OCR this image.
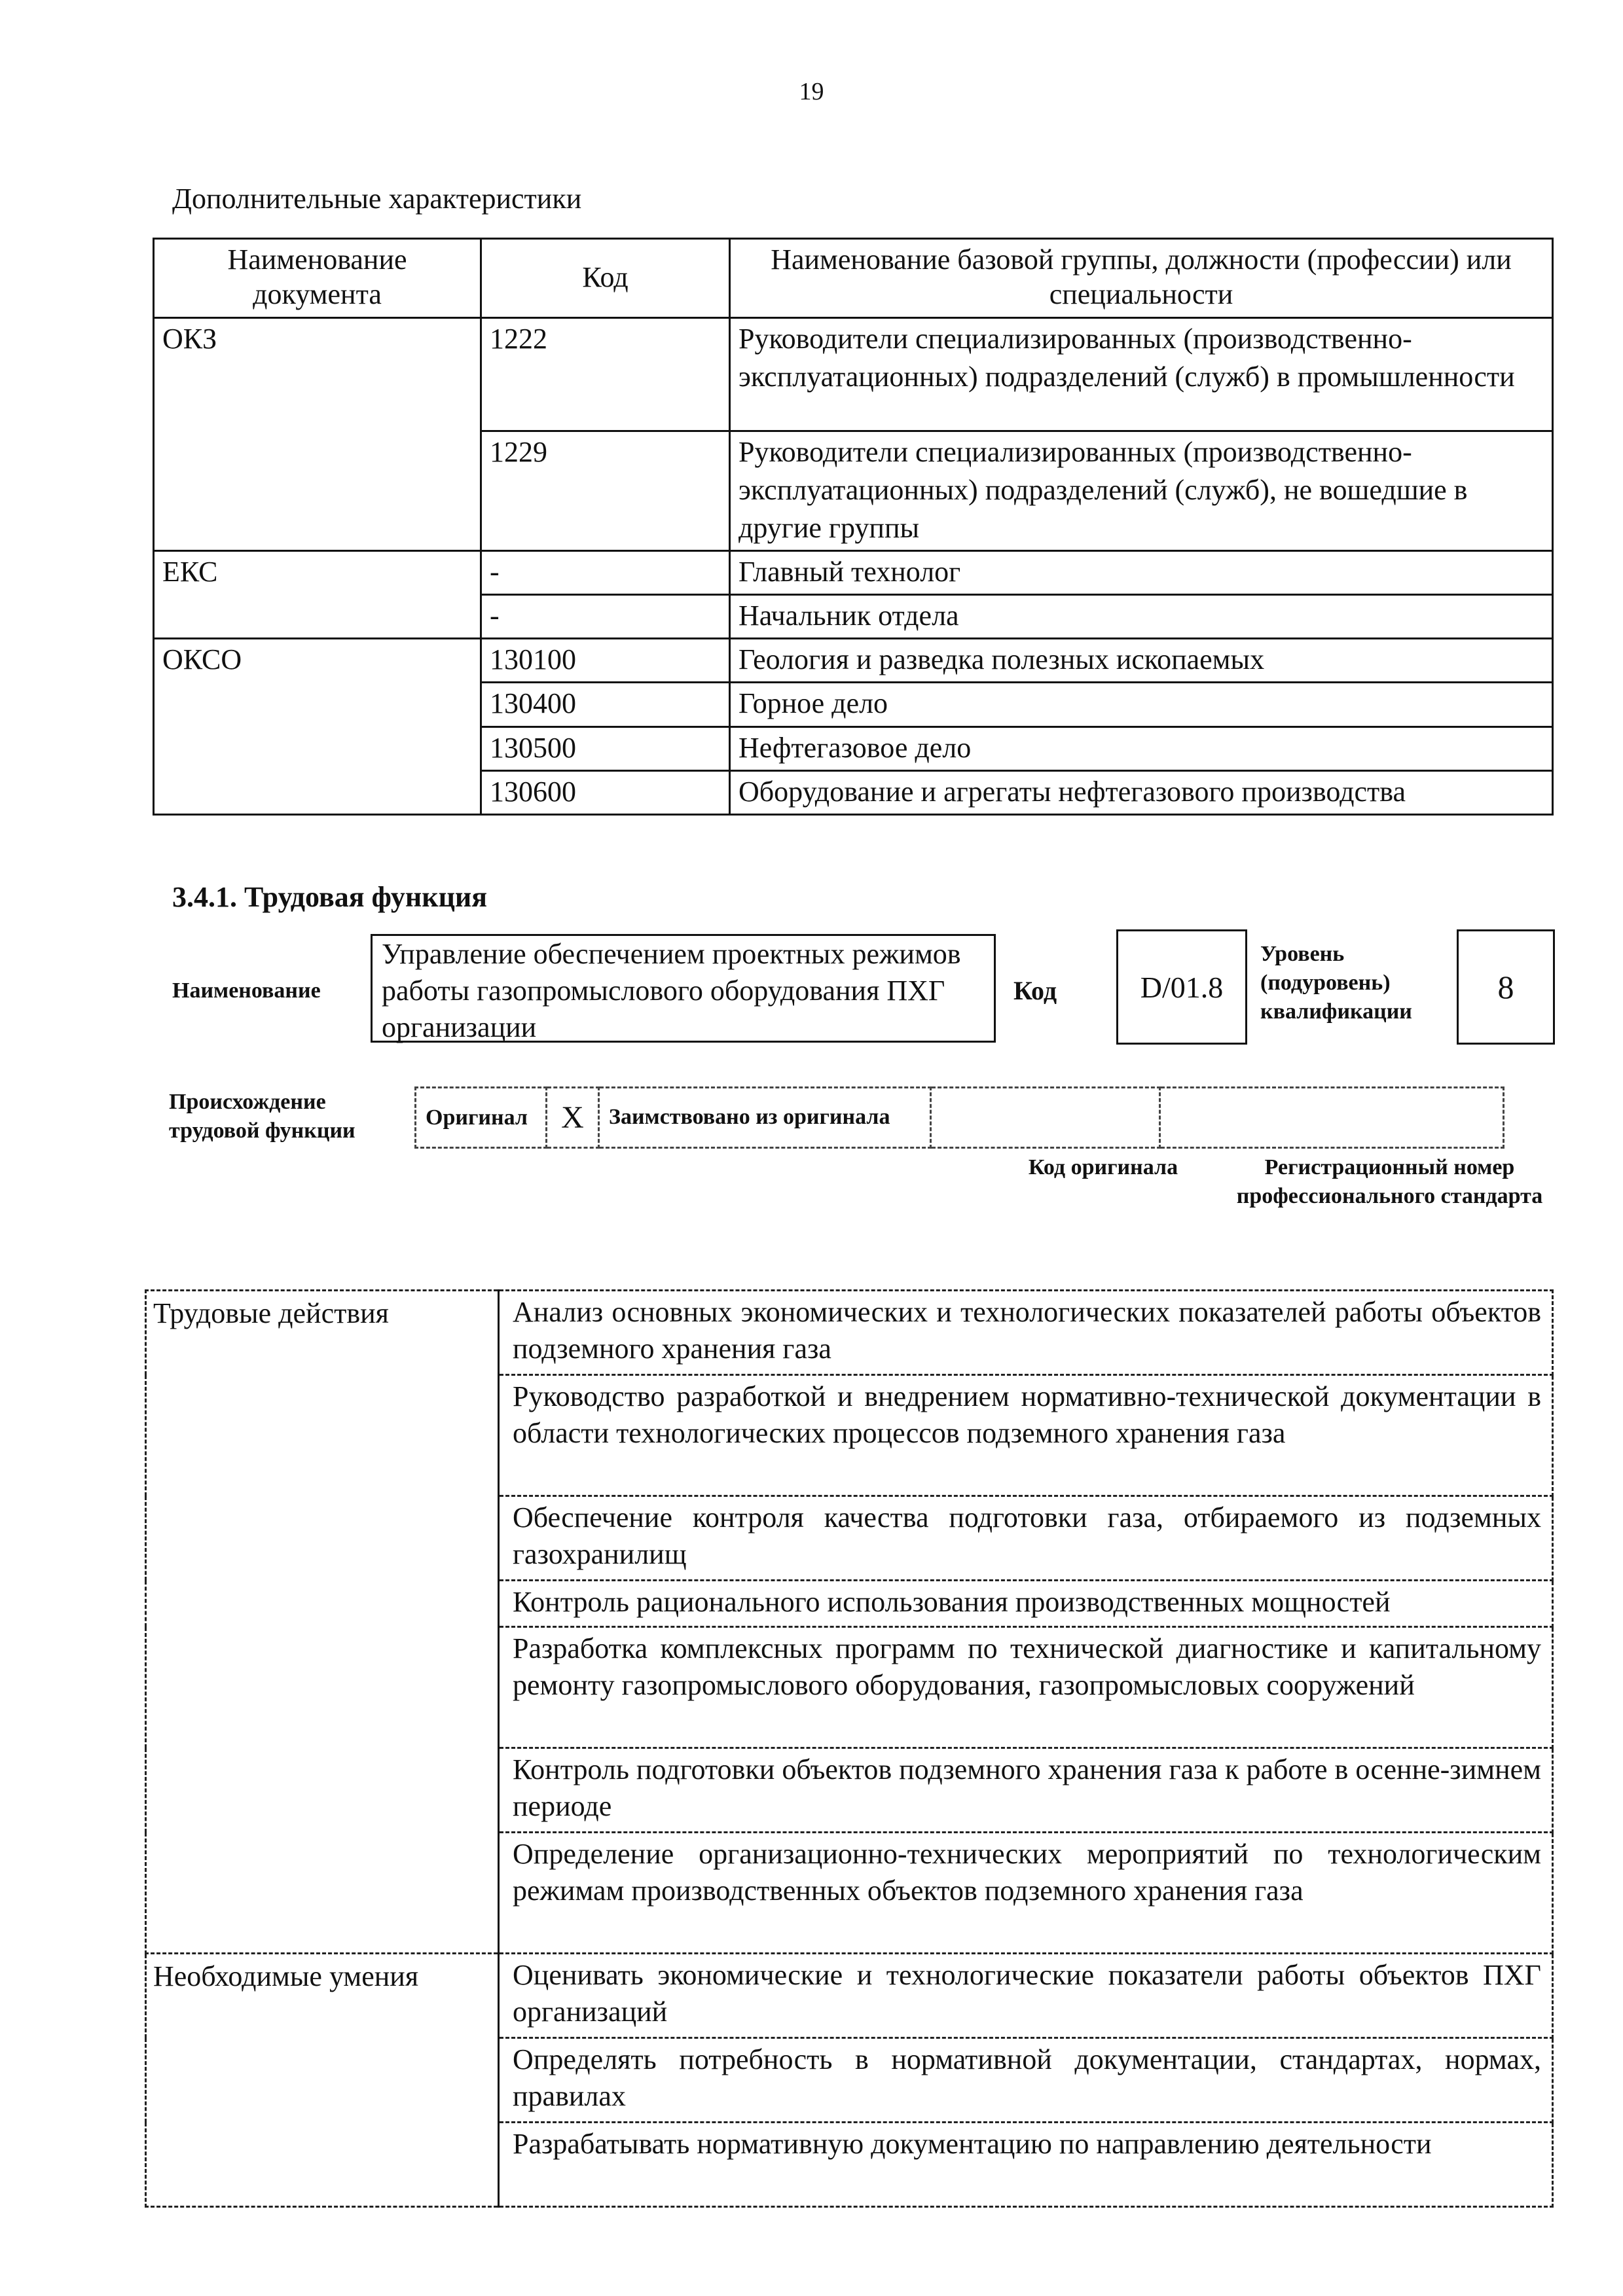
19
Дополнительные характеристики
Наименование документа	Код	Наименование базовой группы, должности (профессии) или специальности
ОКЗ	1222	Руководители специализированных (производственно-эксплуатационных) подразделений (служб) в промышленности
	1229	Руководители специализированных (производственно-эксплуатационных) подразделений (служб), не вошедшие в другие группы
ЕКС	-	Главный технолог
	-	Начальник отдела
ОКСО	130100	Геология и разведка полезных ископаемых
	130400	Горное дело
	130500	Нефтегазовое дело
	130600	Оборудование и агрегаты нефтегазового производства
3.4.1. Трудовая функция
Наименование
Управление обеспечением проектных режимов работы газопромыслового оборудования ПХГ организации
Код	D/01.8
Уровень (подуровень) квалификации
8
Происхождение трудовой функции
Оригинал	X	Заимствовано из оригинала		
Код оригинала	Регистрационный номер профессионального стандарта
Трудовые действия	Анализ основных экономических и технологических показателей работы объектов подземного хранения газа
	Руководство разработкой и внедрением нормативно-технической документации в области технологических процессов подземного хранения газа
	Обеспечение контроля качества подготовки газа, отбираемого из подземных газохранилищ
	Контроль рационального использования производственных мощностей
	Разработка комплексных программ по технической диагностике и капитальному ремонту газопромыслового оборудования, газопромысловых сооружений
	Контроль подготовки объектов подземного хранения газа к работе в осенне-зимнем периоде
	Определение организационно-технических мероприятий по технологическим режимам производственных объектов подземного хранения газа
Необходимые умения	Оценивать экономические и технологические показатели работы объектов ПХГ организаций
	Определять потребность в нормативной документации, стандартах, нормах, правилах
	Разрабатывать нормативную документацию по направлению деятельности
